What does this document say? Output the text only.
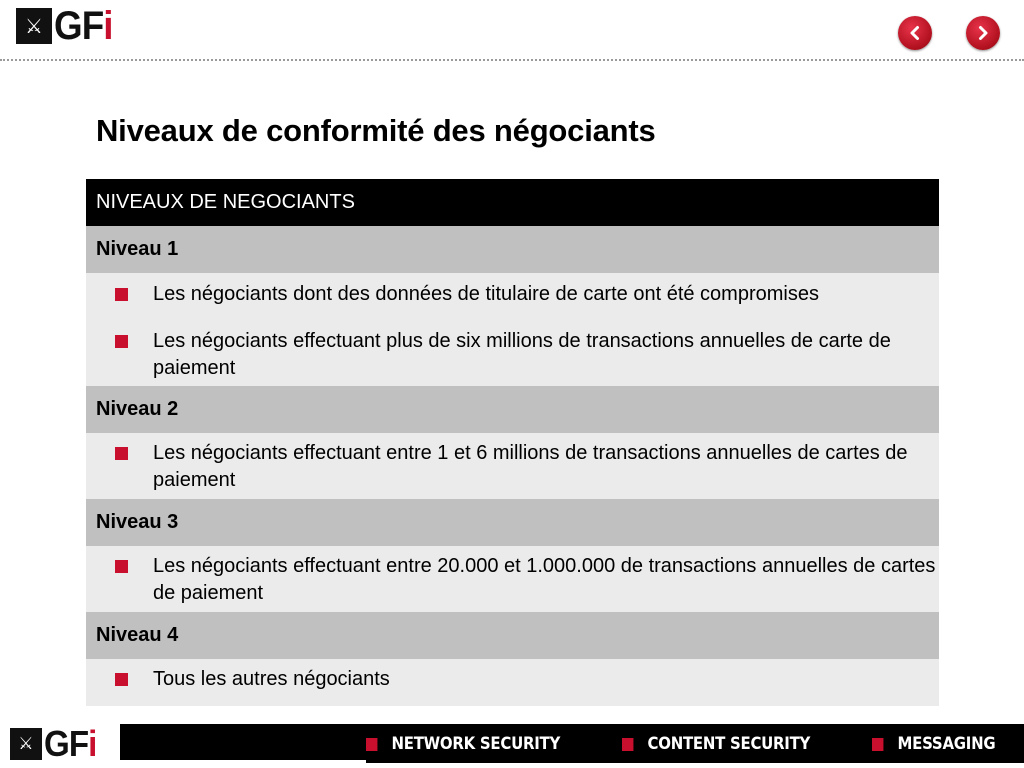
⚔ GFi
Niveaux de conformité des négociants
NIVEAUX DE NEGOCIANTS
Niveau 1
Les négociants dont des données de titulaire de carte ont été compromises
Les négociants effectuant plus de six millions de transactions annuelles de carte de paiement
Niveau 2
Les négociants effectuant entre 1 et 6 millions de transactions annuelles de cartes de paiement
Niveau 3
Les négociants effectuant entre 20.000 et 1.000.000 de transactions annuelles de cartes de paiement
Niveau 4
Tous les autres négociants
⚔ GFi	NETWORK SECURITY	CONTENT SECURITY	MESSAGING
